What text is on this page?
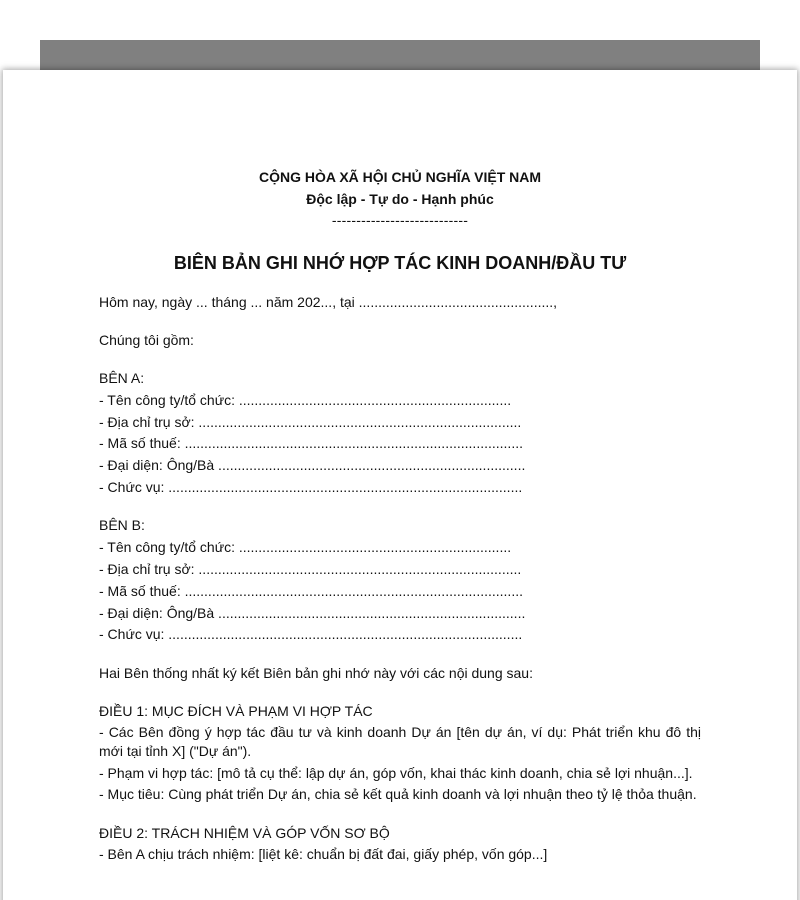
CỘNG HÒA XÃ HỘI CHỦ NGHĨA VIỆT NAM
Độc lập - Tự do - Hạnh phúc
----------------------------
BIÊN BẢN GHI NHỚ HỢP TÁC KINH DOANH/ĐẦU TƯ
Hôm nay, ngày ... tháng ... năm 202..., tại ..................................................,
Chúng tôi gồm:
BÊN A:
- Tên công ty/tổ chức: ......................................................................
- Địa chỉ trụ sở: ...................................................................................
- Mã số thuế: .......................................................................................
- Đại diện: Ông/Bà ...............................................................................
- Chức vụ: ...........................................................................................
BÊN B:
- Tên công ty/tổ chức: ......................................................................
- Địa chỉ trụ sở: ...................................................................................
- Mã số thuế: .......................................................................................
- Đại diện: Ông/Bà ...............................................................................
- Chức vụ: ...........................................................................................
Hai Bên thống nhất ký kết Biên bản ghi nhớ này với các nội dung sau:
ĐIỀU 1: MỤC ĐÍCH VÀ PHẠM VI HỢP TÁC
- Các Bên đồng ý hợp tác đầu tư và kinh doanh Dự án [tên dự án, ví dụ: Phát triển khu đô thị mới tại tỉnh X] ("Dự án").
- Phạm vi hợp tác: [mô tả cụ thể: lập dự án, góp vốn, khai thác kinh doanh, chia sẻ lợi nhuận...].
- Mục tiêu: Cùng phát triển Dự án, chia sẻ kết quả kinh doanh và lợi nhuận theo tỷ lệ thỏa thuận.
ĐIỀU 2: TRÁCH NHIỆM VÀ GÓP VỐN SƠ BỘ
- Bên A chịu trách nhiệm: [liệt kê: chuẩn bị đất đai, giấy phép, vốn góp...]
